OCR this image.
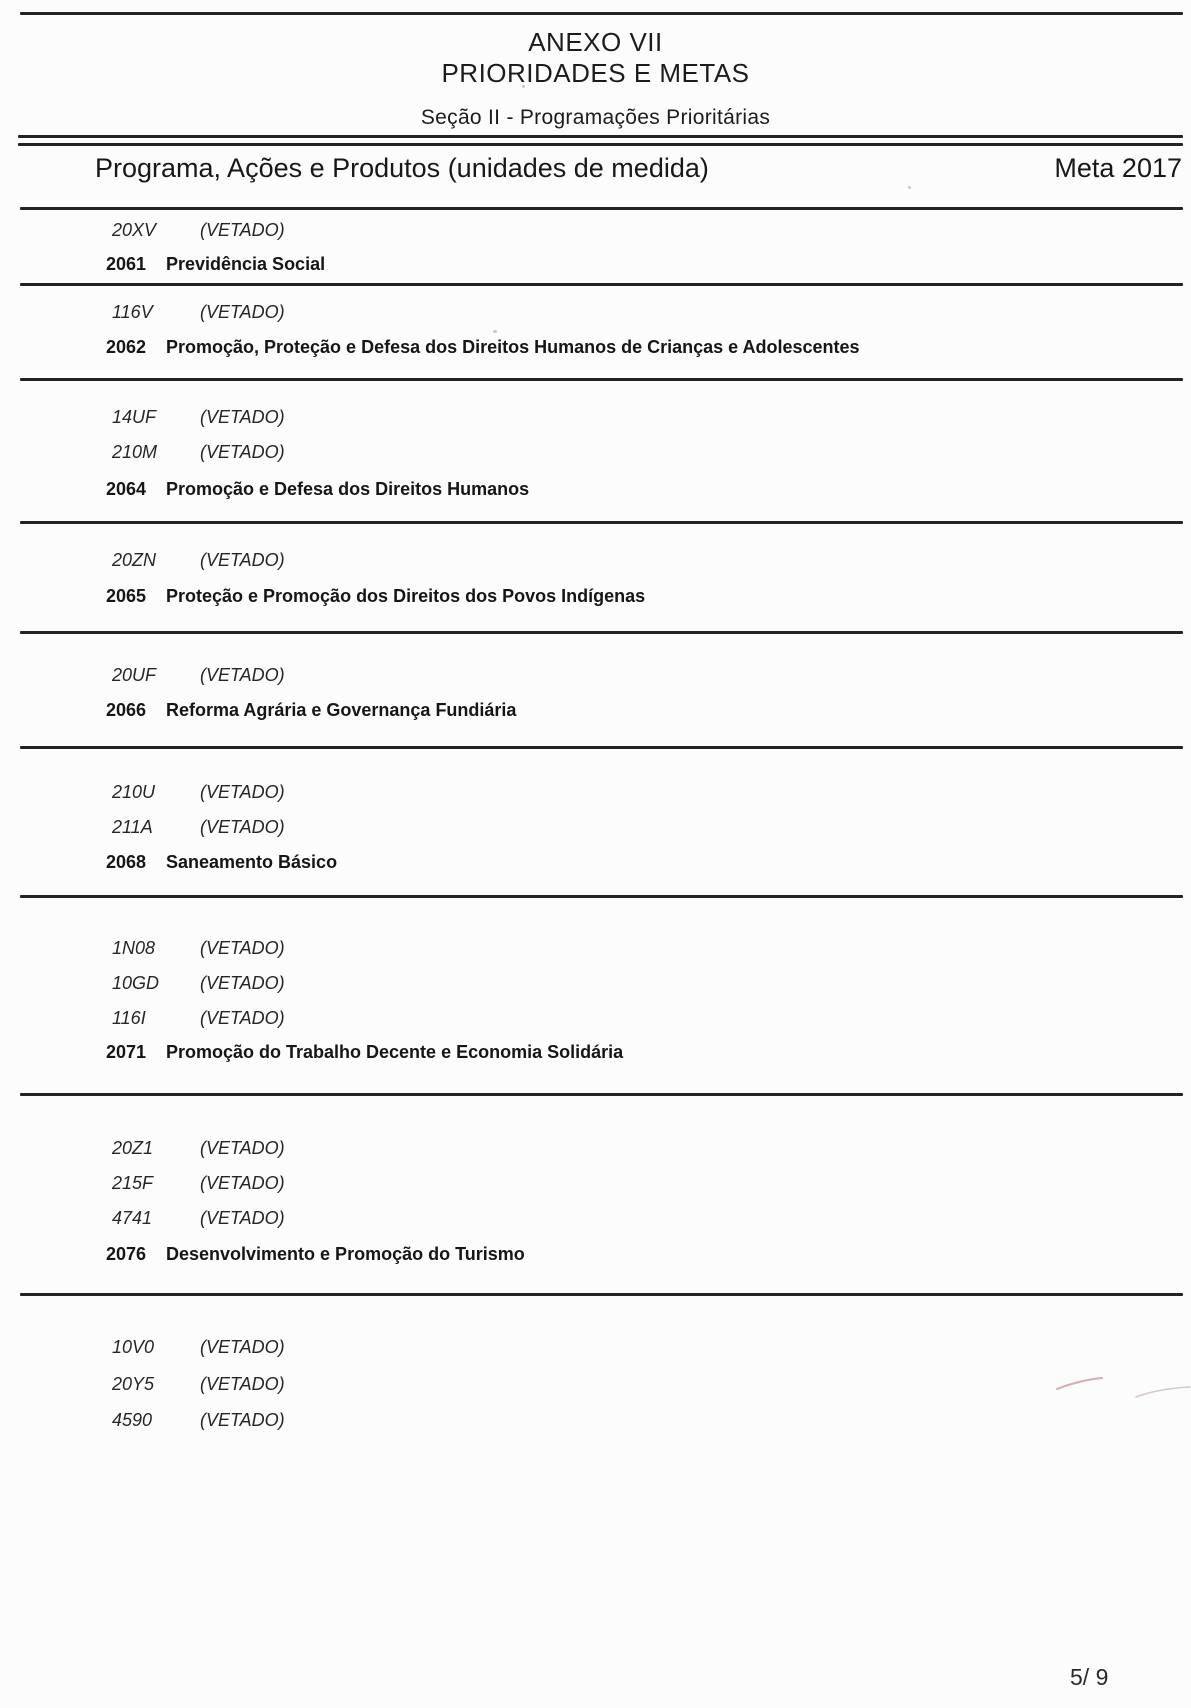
ANEXO VII
PRIORIDADES E METAS
Seção II - Programações Prioritárias
Programa, Ações e Produtos (unidades de medida)	Meta 2017
20XV (VETADO)
2061 Previdência Social
116V	(VETADO)
2062 Promoção, Proteção e Defesa dos Direitos Humanos de Crianças e Adolescentes
14UF (VETADO)
210M (VETADO)
2064 Promoção e Defesa dos Direitos Humanos
20ZN (VETADO)
2065 Proteção e Promoção dos Direitos dos Povos Indígenas
20UF (VETADO)
2066 Reforma Agrária e Governança Fundiária
210U (VETADO)
211A	(VETADO)
2068 Saneamento Básico
1N08 (VETADO)
10GD (VETADO)
116I	(VETADO)
2071 Promoção do Trabalho Decente e Economia Solidária
20Z1	(VETADO)
215F	(VETADO)
4741	(VETADO)
2076 Desenvolvimento e Promoção do Turismo
10V0	(VETADO)
20Y5	(VETADO)
4590	(VETADO)
5/ 9
